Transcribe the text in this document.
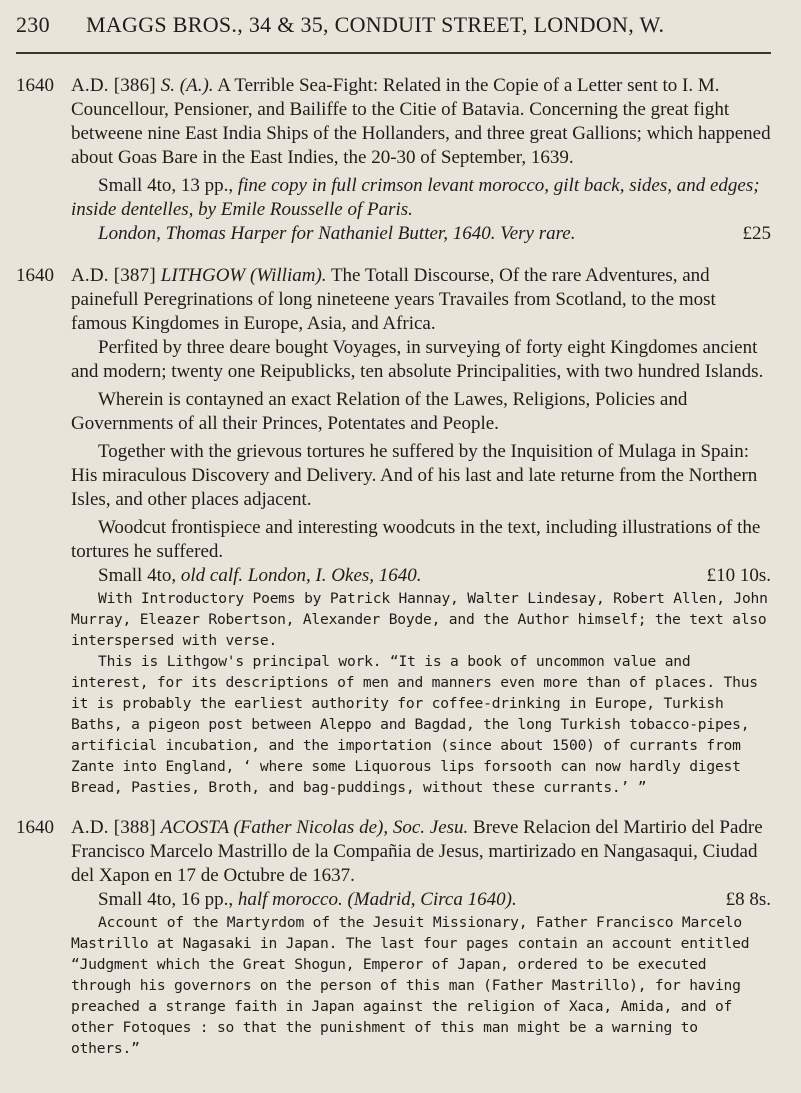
230	MAGGS BROS., 34 & 35, CONDUIT STREET, LONDON, W.
1640 A.D. [386] S. (A.). A Terrible Sea-Fight: Related in the Copie of a Letter sent to I. M. Councellour, Pensioner, and Bailiffe to the Citie of Batavia. Concerning the great fight betweene nine East India Ships of the Hollanders, and three great Gallions; which happened about Goas Bare in the East Indies, the 20-30 of September, 1639.

Small 4to, 13 pp., fine copy in full crimson levant morocco, gilt back, sides, and edges; inside dentelles, by Emile Rousselle of Paris.

London, Thomas Harper for Nathaniel Butter, 1640. Very rare.	£25

1640 A.D. [387] LITHGOW (William). The Totall Discourse, Of the rare Adventures, and painefull Peregrinations of long nineteene years Travailes from Scotland, to the most famous Kingdomes in Europe, Asia, and Africa.

Perfited by three deare bought Voyages, in surveying of forty eight Kingdomes ancient and modern; twenty one Reipublicks, ten absolute Principalities, with two hundred Islands.

Wherein is contayned an exact Relation of the Lawes, Religions, Policies and Governments of all their Princes, Potentates and People.

Together with the grievous tortures he suffered by the Inquisition of Mulaga in Spain: His miraculous Discovery and Delivery. And of his last and late returne from the Northern Isles, and other places adjacent.

Woodcut frontispiece and interesting woodcuts in the text, including illustrations of the tortures he suffered.

Small 4to, old calf. London, I. Okes, 1640.	£10 10s.

With Introductory Poems by Patrick Hannay, Walter Lindesay, Robert Allen, John Murray, Eleazer Robertson, Alexander Boyde, and the Author himself; the text also interspersed with verse.

This is Lithgow's principal work. “It is a book of uncommon value and interest, for its descriptions of men and manners even more than of places. Thus it is probably the earliest authority for coffee-drinking in Europe, Turkish Baths, a pigeon post between Aleppo and Bagdad, the long Turkish tobacco-pipes, artificial incubation, and the importation (since about 1500) of currants from Zante into England, ‘ where some Liquorous lips forsooth can now hardly digest Bread, Pasties, Broth, and bag-puddings, without these currants.’ ”

1640 A.D. [388] ACOSTA (Father Nicolas de), Soc. Jesu. Breve Relacion del Martirio del Padre Francisco Marcelo Mastrillo de la Compañia de Jesus, martirizado en Nangasaqui, Ciudad del Xapon en 17 de Octubre de 1637.

Small 4to, 16 pp., half morocco. (Madrid, Circa 1640).	£8 8s.

Account of the Martyrdom of the Jesuit Missionary, Father Francisco Marcelo Mastrillo at Nagasaki in Japan. The last four pages contain an account entitled “Judgment which the Great Shogun, Emperor of Japan, ordered to be executed through his governors on the person of this man (Father Mastrillo), for having preached a strange faith in Japan against the religion of Xaca, Amida, and of other Fotoques : so that the punishment of this man might be a warning to others.”
